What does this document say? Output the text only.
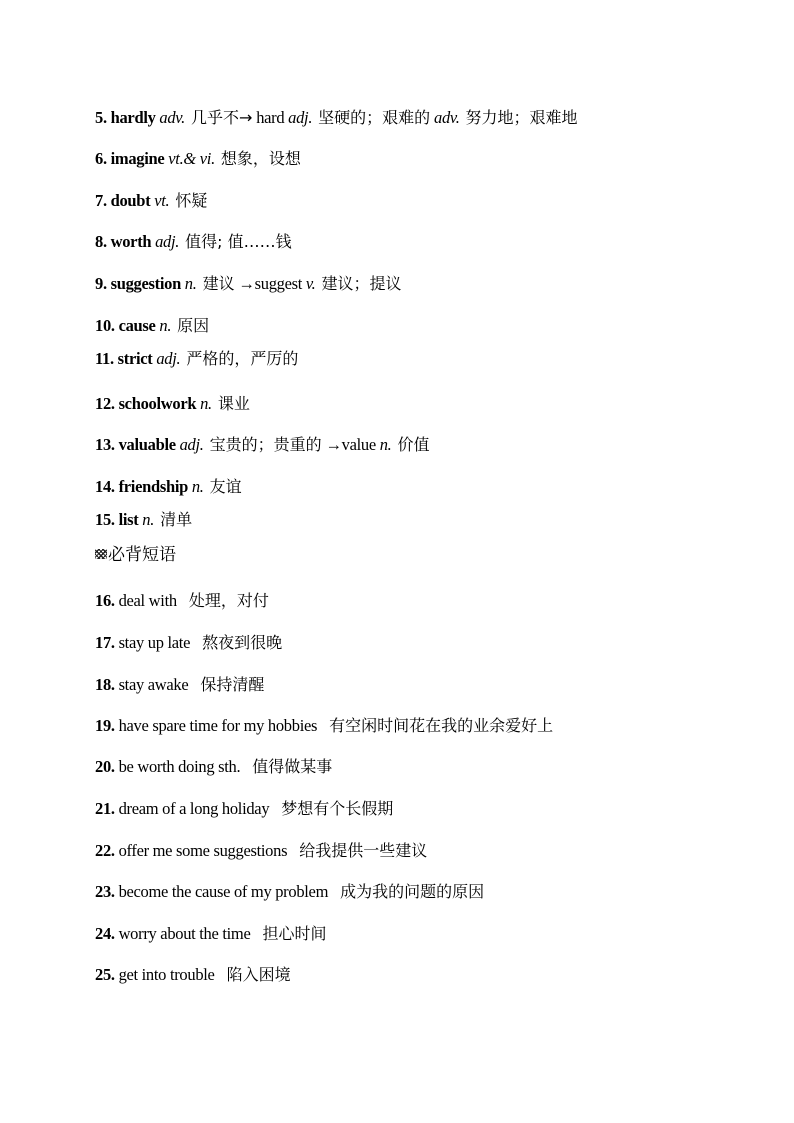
5. hardly adv. 几乎不→ hard adj. 坚硬的；艰难的 adv. 努力地；艰难地
6. imagine vt.& vi. 想象，设想
7. doubt vt. 怀疑
8. worth adj. 值得; 值……钱
9. suggestion n. 建议 →suggest v. 建议；提议
10. cause n. 原因
11. strict adj. 严格的，严厉的
12. schoolwork n. 课业
13. valuable adj. 宝贵的；贵重的 →value n. 价值
14. friendship n. 友谊
15. list n. 清单
必背短语
16. deal with 处理，对付
17. stay up late 熬夜到很晚
18. stay awake 保持清醒
19. have spare time for my hobbies 有空闲时间花在我的业余爱好上
20. be worth doing sth. 值得做某事
21. dream of a long holiday 梦想有个长假期
22. offer me some suggestions 给我提供一些建议
23. become the cause of my problem 成为我的问题的原因
24. worry about the time 担心时间
25. get into trouble 陷入困境
